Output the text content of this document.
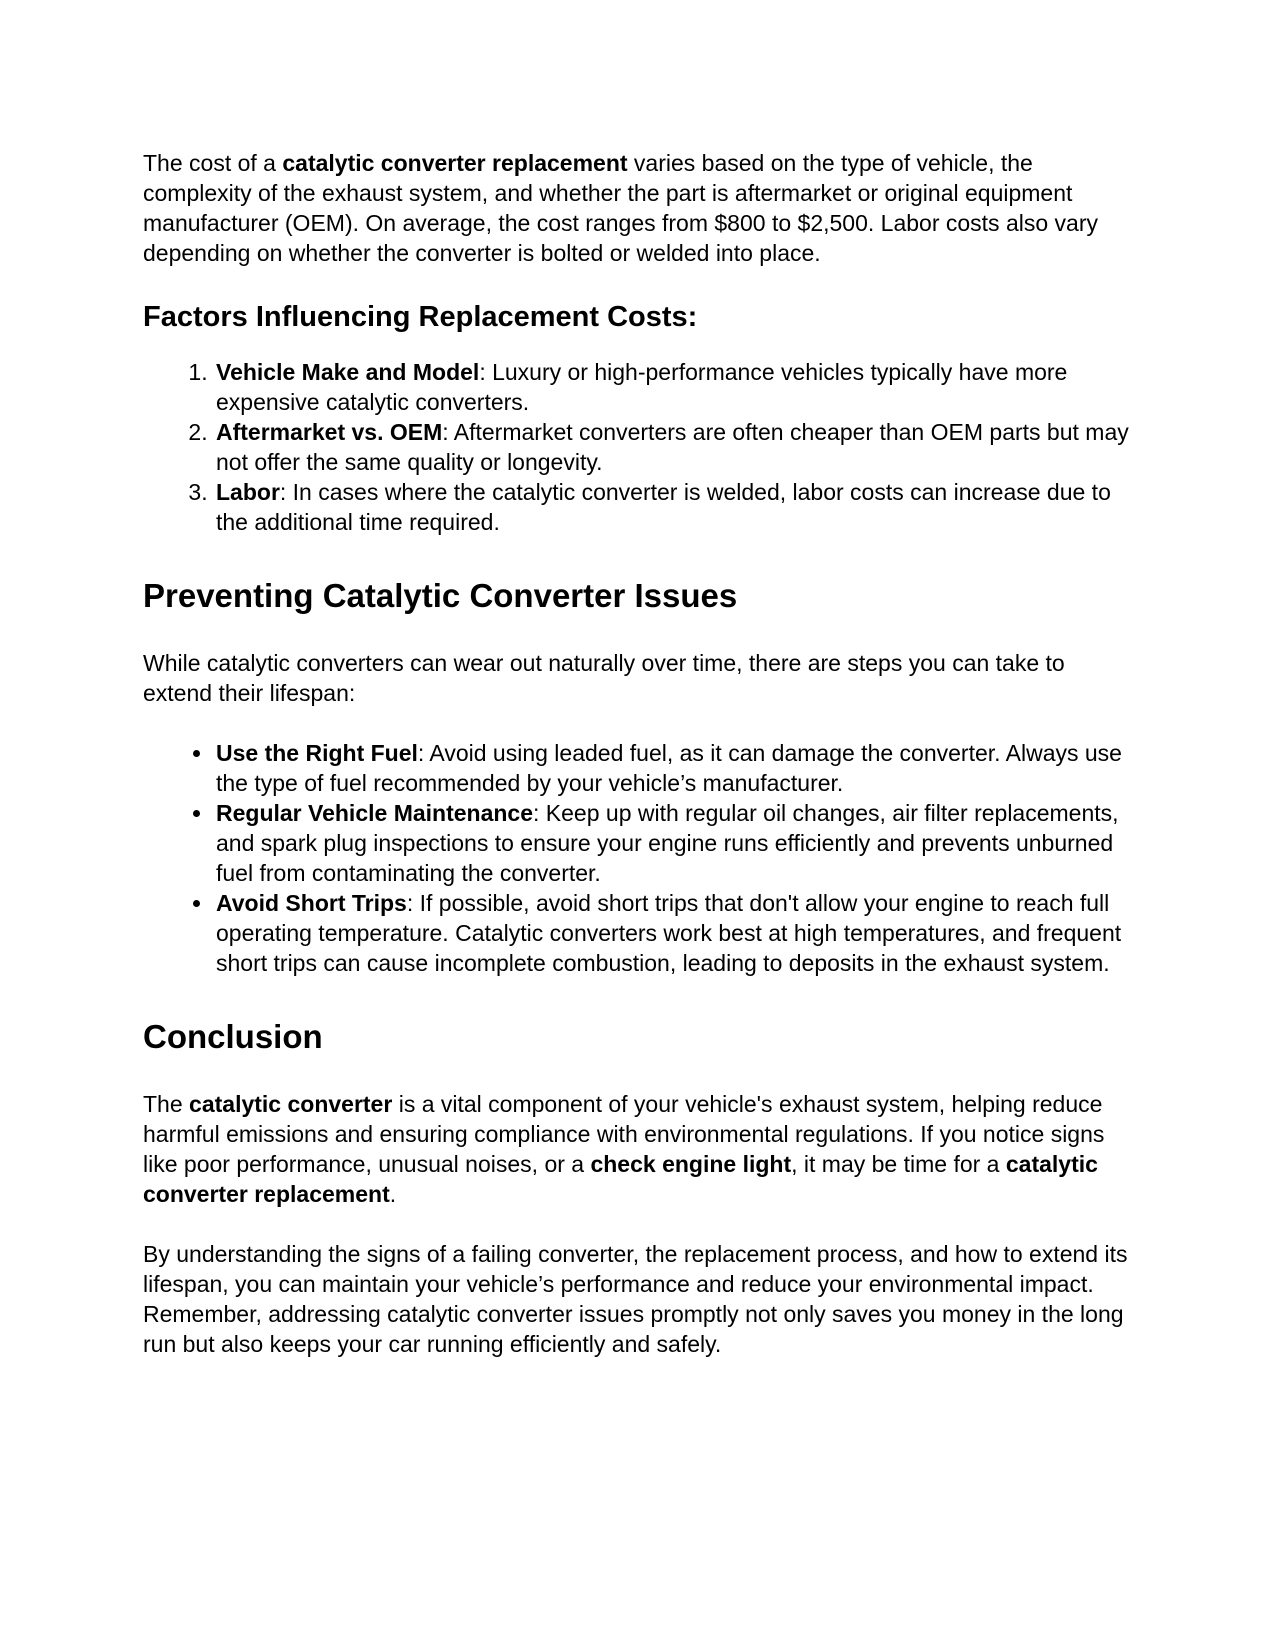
The cost of a catalytic converter replacement varies based on the type of vehicle, the complexity of the exhaust system, and whether the part is aftermarket or original equipment manufacturer (OEM). On average, the cost ranges from $800 to $2,500. Labor costs also vary depending on whether the converter is bolted or welded into place.

Factors Influencing Replacement Costs:
1. Vehicle Make and Model: Luxury or high-performance vehicles typically have more expensive catalytic converters.
2. Aftermarket vs. OEM: Aftermarket converters are often cheaper than OEM parts but may not offer the same quality or longevity.
3. Labor: In cases where the catalytic converter is welded, labor costs can increase due to the additional time required.
Preventing Catalytic Converter Issues

While catalytic converters can wear out naturally over time, there are steps you can take to extend their lifespan:

• Use the Right Fuel: Avoid using leaded fuel, as it can damage the converter. Always use the type of fuel recommended by your vehicle’s manufacturer.
• Regular Vehicle Maintenance: Keep up with regular oil changes, air filter replacements, and spark plug inspections to ensure your engine runs efficiently and prevents unburned fuel from contaminating the converter.
• Avoid Short Trips: If possible, avoid short trips that don't allow your engine to reach full operating temperature. Catalytic converters work best at high temperatures, and frequent short trips can cause incomplete combustion, leading to deposits in the exhaust system.
Conclusion

The catalytic converter is a vital component of your vehicle's exhaust system, helping reduce harmful emissions and ensuring compliance with environmental regulations. If you notice signs like poor performance, unusual noises, or a check engine light, it may be time for a catalytic converter replacement.

By understanding the signs of a failing converter, the replacement process, and how to extend its lifespan, you can maintain your vehicle’s performance and reduce your environmental impact. Remember, addressing catalytic converter issues promptly not only saves you money in the long run but also keeps your car running efficiently and safely.
